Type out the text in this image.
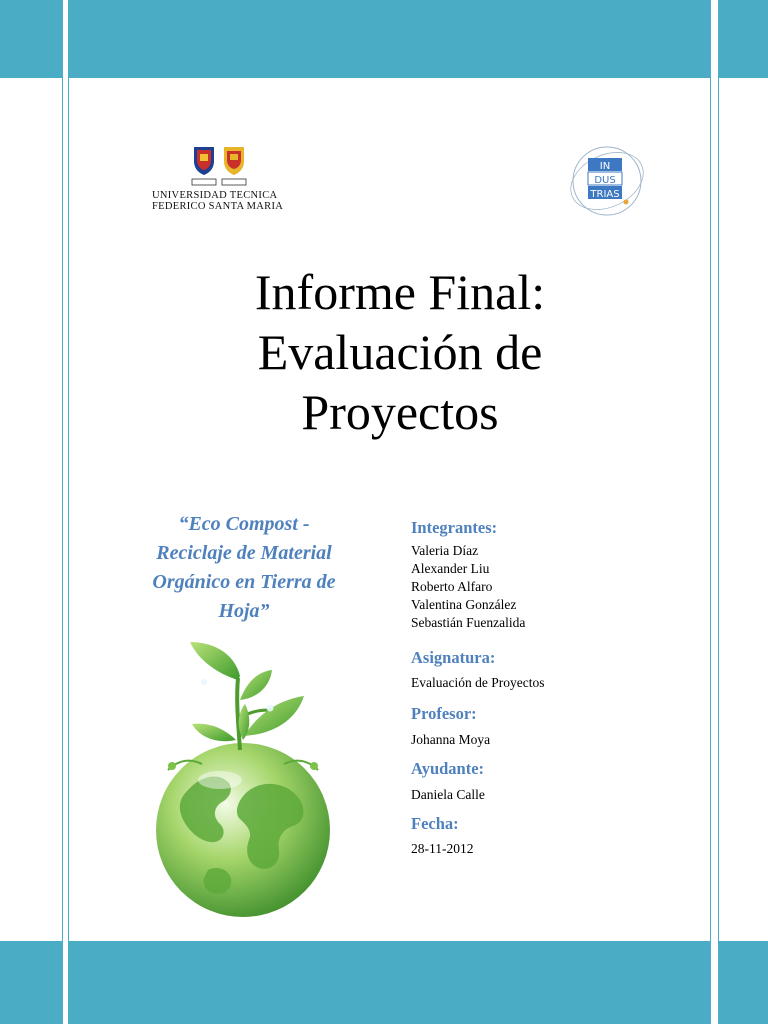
UNIVERSIDAD TECNICA
FEDERICO SANTA MARIA
IN
DUS
TRIAS
Informe Final:
Evaluación de
Proyectos
“Eco Compost -
Reciclaje de Material
Orgánico en Tierra de
Hoja”
Integrantes:
Valeria Díaz
Alexander Liu
Roberto Alfaro
Valentina González
Sebastián Fuenzalida
Asignatura:
Evaluación de Proyectos
Profesor:
Johanna Moya
Ayudante:
Daniela Calle
Fecha:
28-11-2012
